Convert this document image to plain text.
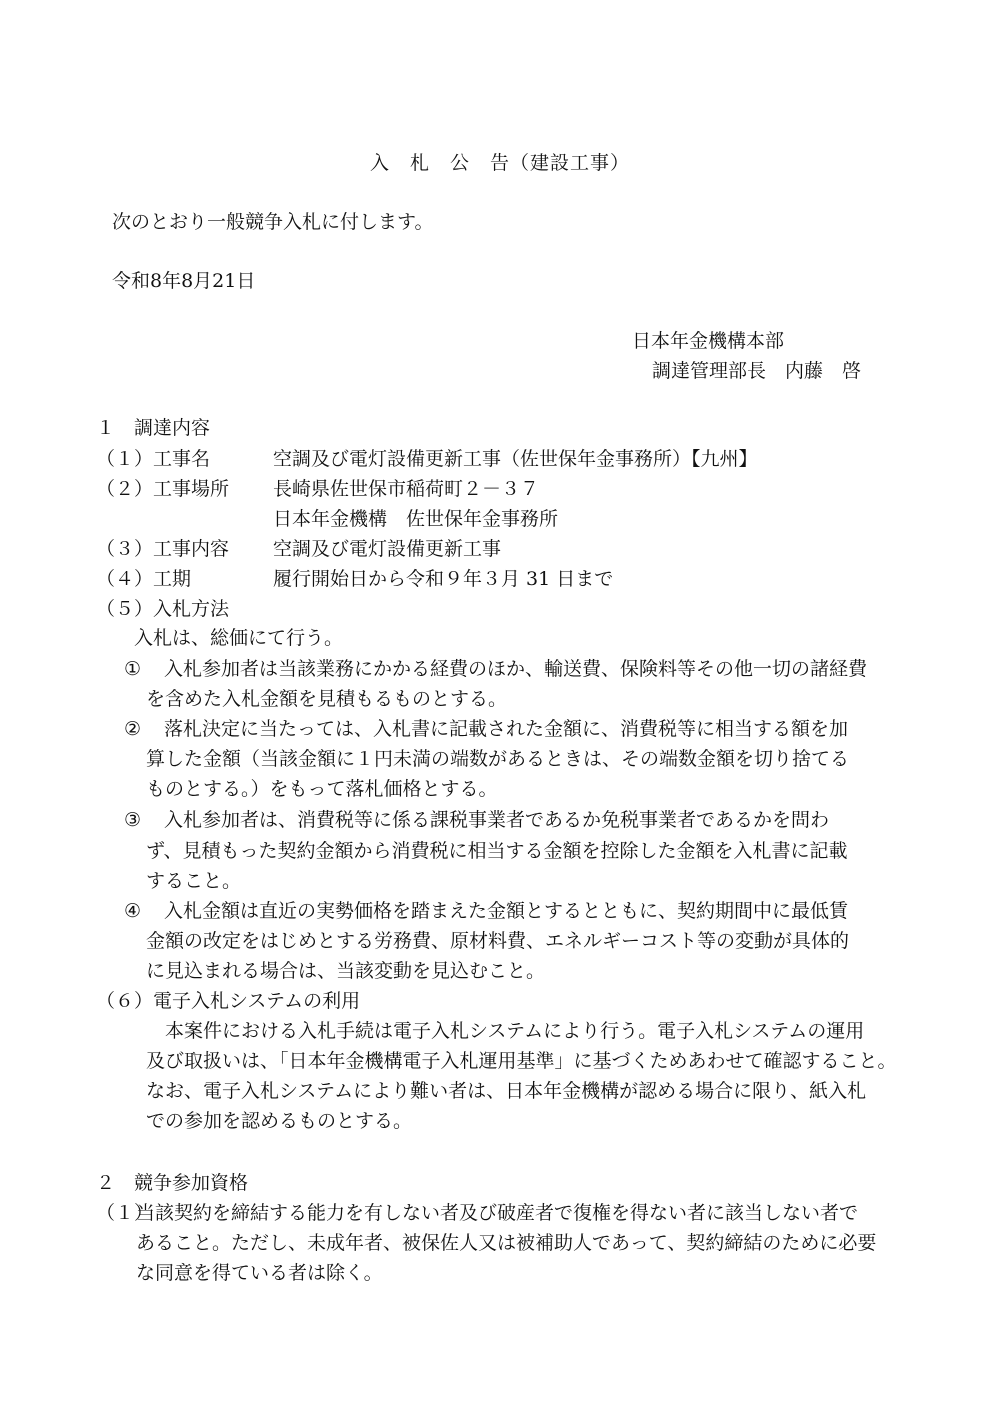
入　札　公　告（建設工事）
次のとおり一般競争入札に付します。
令和8年8月21日
日本年金機構本部
調達管理部長　内藤　啓
１　調達内容
（１）工事名	空調及び電灯設備更新工事（佐世保年金事務所）【九州】
（２）工事場所 長崎県佐世保市稲荷町２－３７
日本年金機構　佐世保年金事務所
（３）工事内容 空調及び電灯設備更新工事
（４）工期	履行開始日から令和９年３月 31 日まで
（５）入札方法
入札は、総価にて行う。
① 入札参加者は当該業務にかかる経費のほか、輸送費、保険料等その他一切の諸経費
を含めた入札金額を見積もるものとする。
② 落札決定に当たっては、入札書に記載された金額に、消費税等に相当する額を加
算した金額（当該金額に１円未満の端数があるときは、その端数金額を切り捨てる
ものとする。）をもって落札価格とする。
③ 入札参加者は、消費税等に係る課税事業者であるか免税事業者であるかを問わ
ず、見積もった契約金額から消費税に相当する金額を控除した金額を入札書に記載
すること。
④ 入札金額は直近の実勢価格を踏まえた金額とするとともに、契約期間中に最低賃
金額の改定をはじめとする労務費、原材料費、エネルギーコスト等の変動が具体的
に見込まれる場合は、当該変動を見込むこと。
（６）電子入札システムの利用
　本案件における入札手続は電子入札システムにより行う。電子入札システムの運用
及び取扱いは、「日本年金機構電子入札運用基準」に基づくためあわせて確認すること。
なお、電子入札システムにより難い者は、日本年金機構が認める場合に限り、紙入札
での参加を認めるものとする。
２　競争参加資格
（１）
当該契約を締結する能力を有しない者及び破産者で復権を得ない者に該当しない者で
あること。ただし、未成年者、被保佐人又は被補助人であって、契約締結のために必要
な同意を得ている者は除く。
